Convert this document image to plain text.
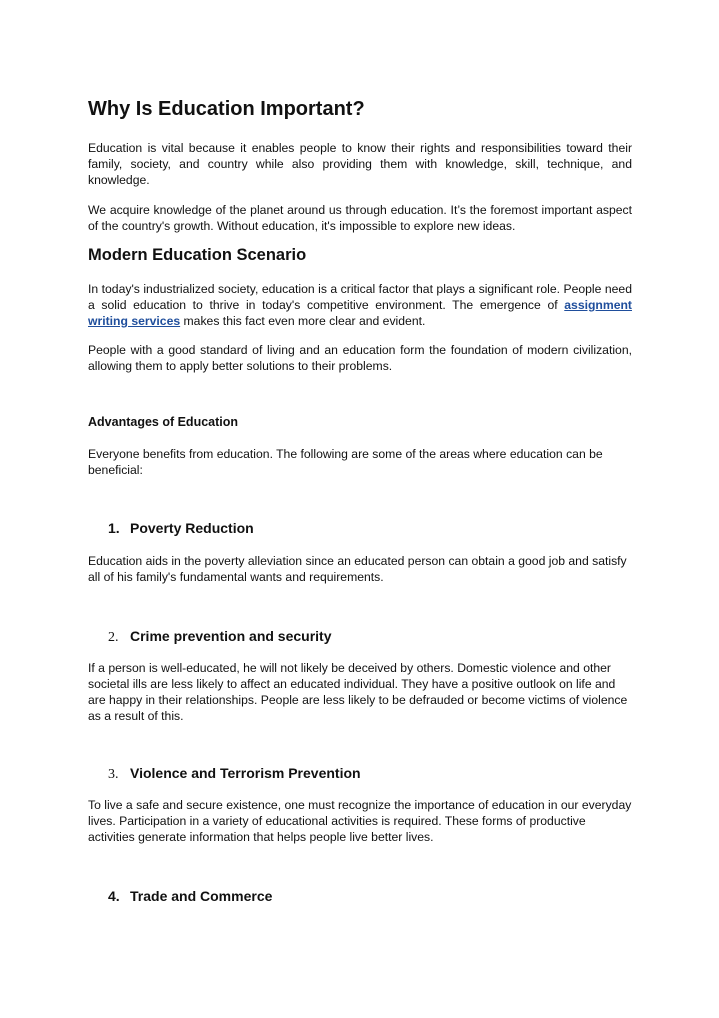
Why Is Education Important?

Education is vital because it enables people to know their rights and responsibilities toward their family, society, and country while also providing them with knowledge, skill, technique, and knowledge.

We acquire knowledge of the planet around us through education. It’s the foremost important aspect of the country's growth. Without education, it's impossible to explore new ideas.

Modern Education Scenario

In today's industrialized society, education is a critical factor that plays a significant role. People need a solid education to thrive in today's competitive environment. The emergence of assignment writing services makes this fact even more clear and evident.

People with a good standard of living and an education form the foundation of modern civilization, allowing them to apply better solutions to their problems.

Advantages of Education

Everyone benefits from education. The following are some of the areas where education can be beneficial:

1. Poverty Reduction

Education aids in the poverty alleviation since an educated person can obtain a good job and satisfy all of his family's fundamental wants and requirements.

2. Crime prevention and security

If a person is well-educated, he will not likely be deceived by others. Domestic violence and other societal ills are less likely to affect an educated individual. They have a positive outlook on life and are happy in their relationships. People are less likely to be defrauded or become victims of violence as a result of this.

3. Violence and Terrorism Prevention

To live a safe and secure existence, one must recognize the importance of education in our everyday lives. Participation in a variety of educational activities is required. These forms of productive activities generate information that helps people live better lives.

4. Trade and Commerce
